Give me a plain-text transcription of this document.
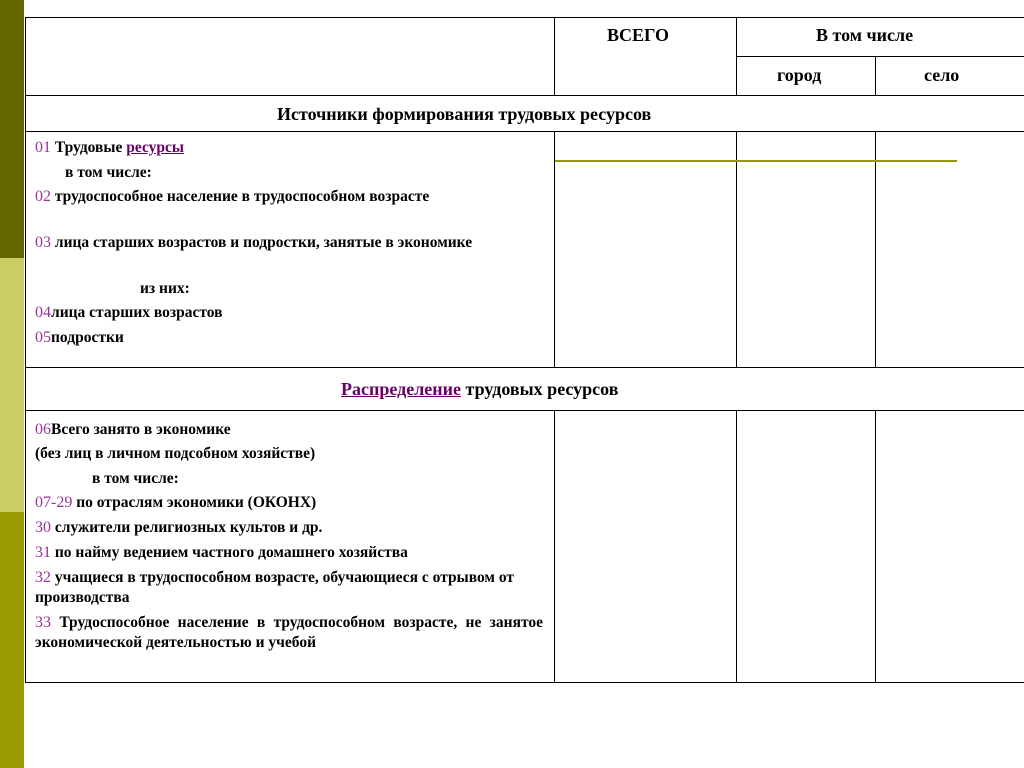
ВСЕГО	В том числе
город	село
Источники формирования трудовых ресурсов
01 Трудовые ресурсы
в том числе:
02 трудоспособное население в трудоспособном возрасте
03 лица старших возрастов и подростки, занятые в экономике
из них:
04лица старших возрастов
05подростки
Распределение трудовых ресурсов
06Всего занято в экономике
(без лиц в личном подсобном хозяйстве)
в том числе:
07-29 по отраслям экономики (ОКОНХ)
30 служители религиозных культов и др.
31 по найму ведением частного домашнего хозяйства
32 учащиеся в трудоспособном возрасте, обучающиеся с отрывом от производства
33 Трудоспособное население в трудоспособном возрасте, не занятое экономической деятельностью и учебой
